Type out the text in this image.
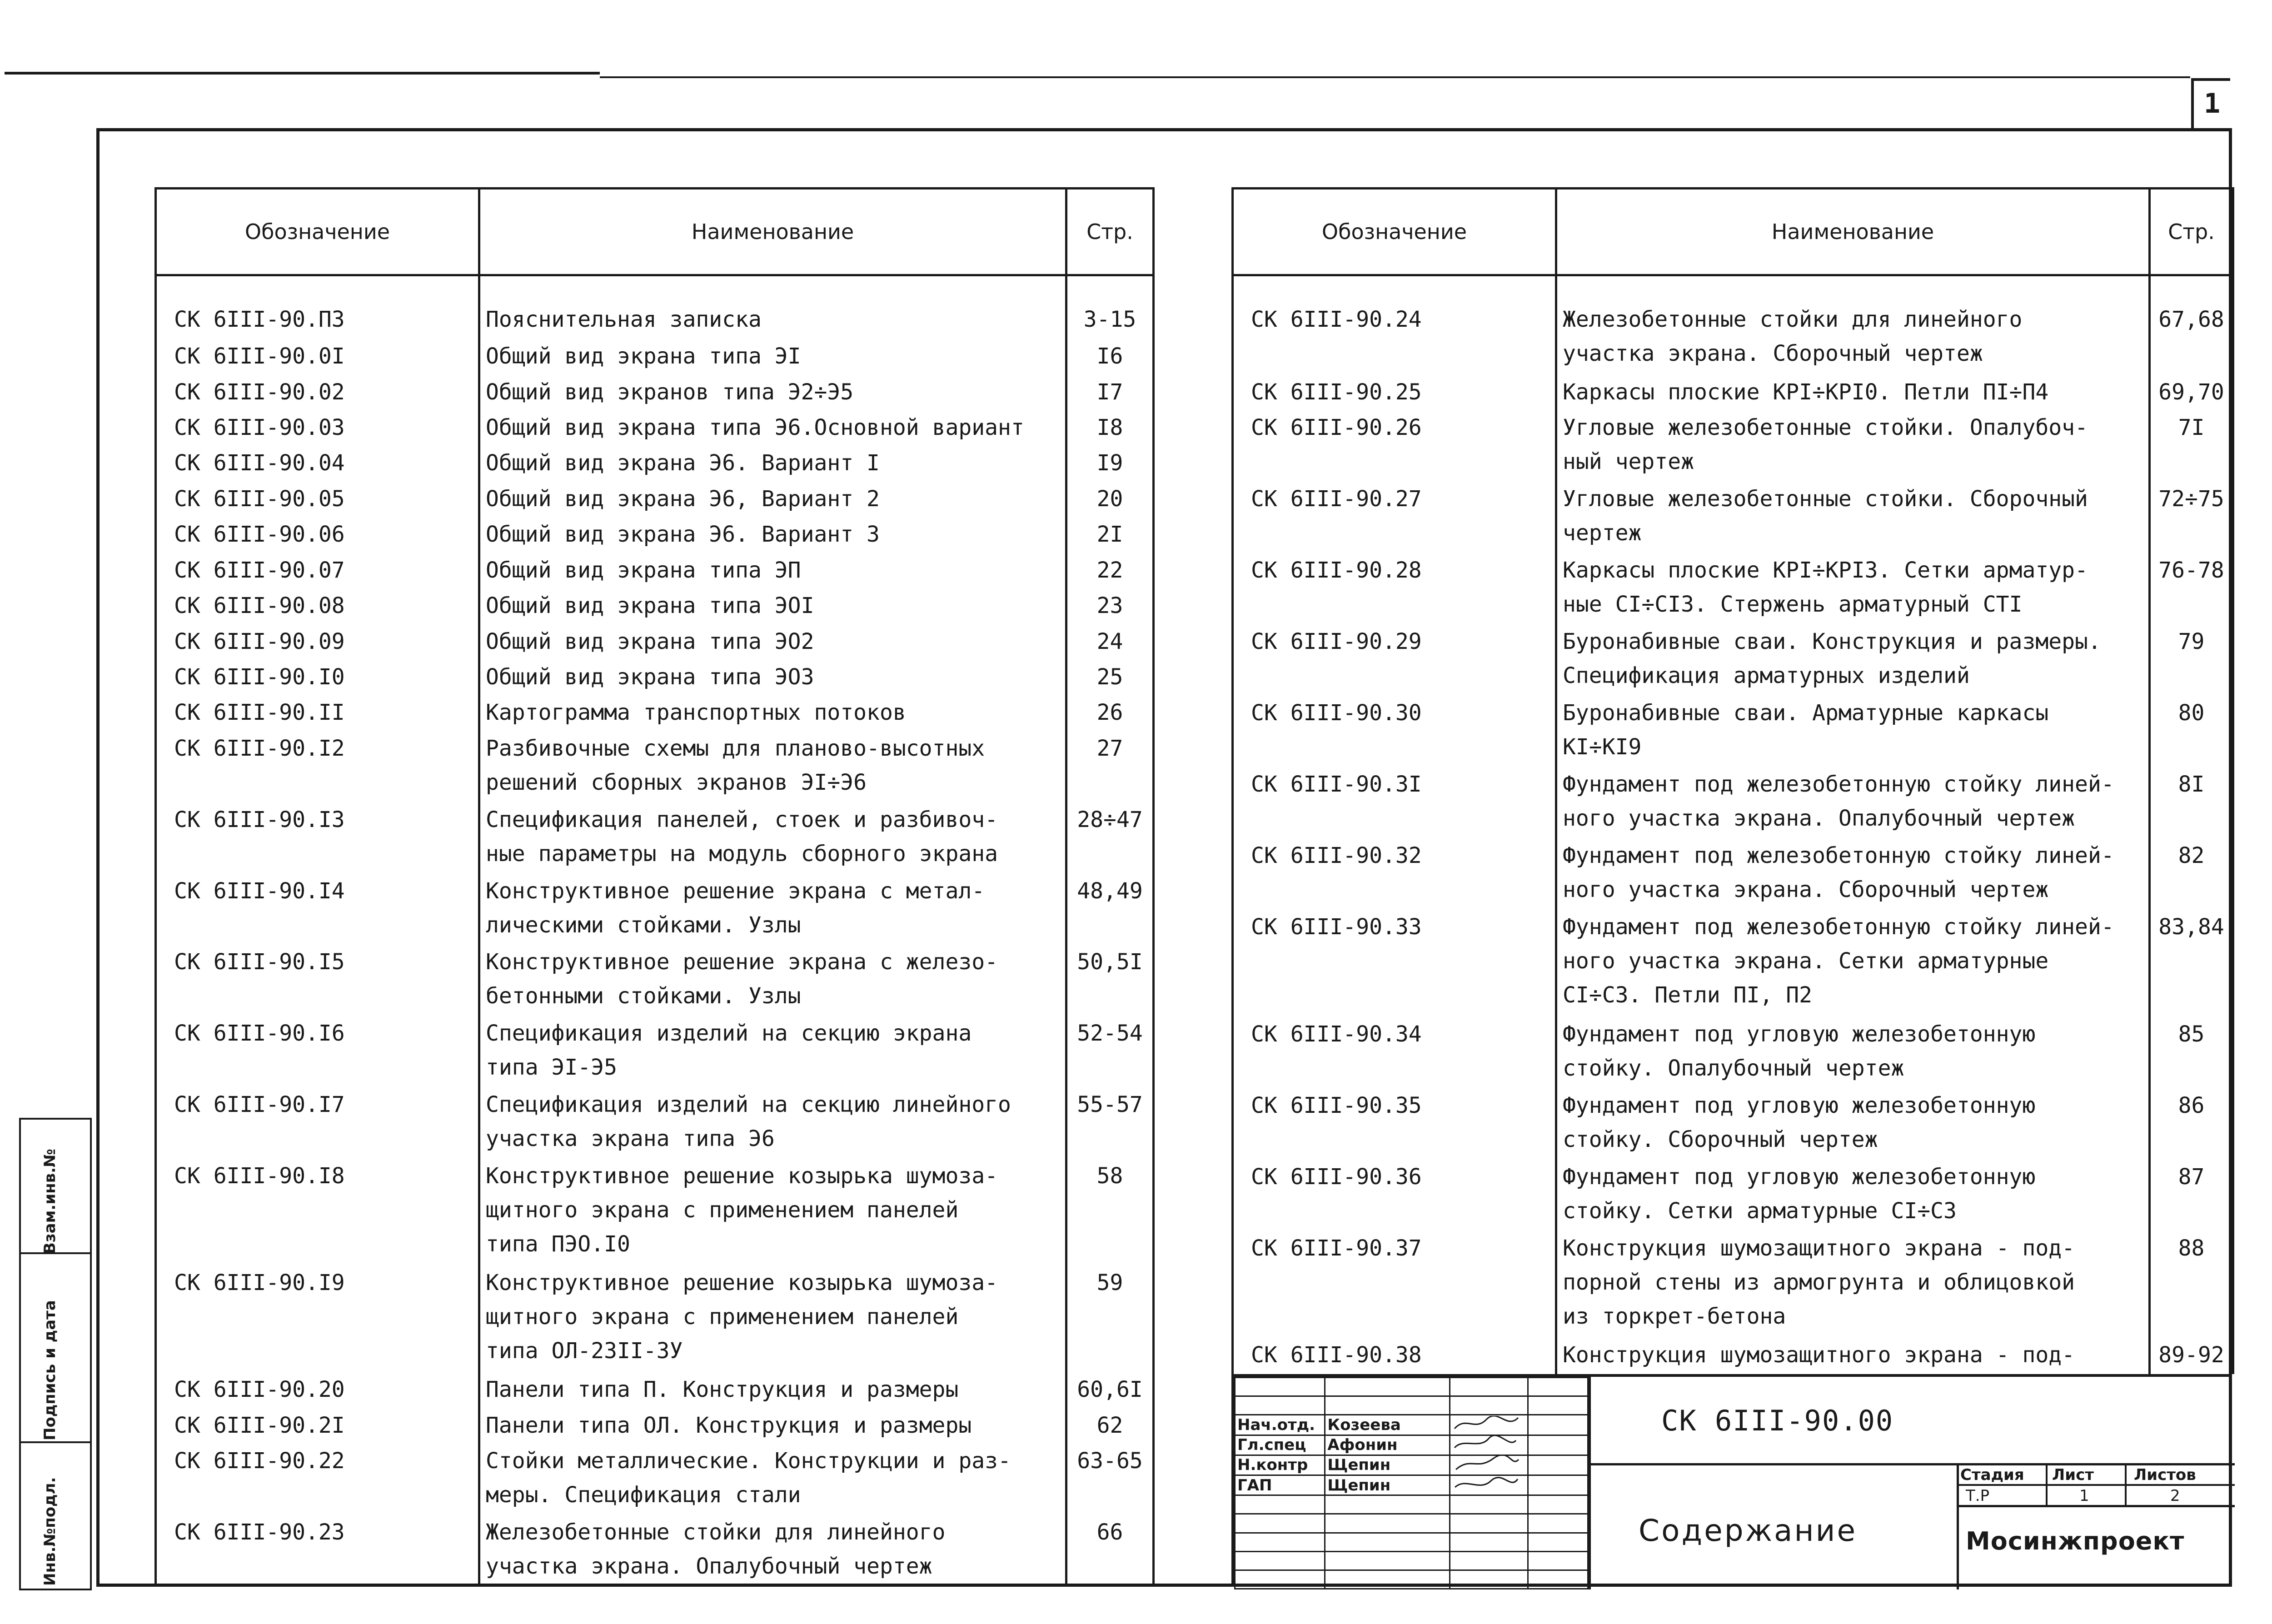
1
Взам.инв.№
Подпись и дата
Инв.№подл.
Обозначение	Наименование	Стр.
СК 6III-90.ПЗ	Пояснительная записка	3-15
СК 6III-90.0I	Общий вид экрана типа ЭI	I6
СК 6III-90.02	Общий вид экранов типа Э2÷Э5	I7
СК 6III-90.03	Общий вид экрана типа Э6.Основной вариант	I8
СК 6III-90.04	Общий вид экрана Э6. Вариант I	I9
СК 6III-90.05	Общий вид экрана Э6, Вариант 2	20
СК 6III-90.06	Общий вид экрана Э6. Вариант 3	2I
СК 6III-90.07	Общий вид экрана типа ЭП	22
СК 6III-90.08	Общий вид экрана типа ЭОI	23
СК 6III-90.09	Общий вид экрана типа ЭО2	24
СК 6III-90.I0	Общий вид экрана типа ЭО3	25
СК 6III-90.II	Картограмма транспортных потоков	26
СК 6III-90.I2	Разбивочные схемы для планово-высотных
решений сборных экранов ЭI÷Э6	27
СК 6III-90.I3	Спецификация панелей, стоек и разбивоч-
ные параметры на модуль сборного экрана	28÷47
СК 6III-90.I4	Конструктивное решение экрана с метал-
лическими стойками. Узлы	48,49
СК 6III-90.I5	Конструктивное решение экрана с железо-
бетонными стойками. Узлы	50,5I
СК 6III-90.I6	Спецификация изделий на секцию экрана
типа ЭI-Э5	52-54
СК 6III-90.I7	Спецификация изделий на секцию линейного
участка экрана типа Э6	55-57
СК 6III-90.I8	Конструктивное решение козырька шумоза-
щитного экрана с применением панелей
типа ПЭО.I0	58
СК 6III-90.I9	Конструктивное решение козырька шумоза-
щитного экрана с применением панелей
типа ОЛ-23II-ЗУ	59
СК 6III-90.20	Панели типа П. Конструкция и размеры	60,6I
СК 6III-90.2I	Панели типа ОЛ. Конструкция и размеры	62
СК 6III-90.22	Стойки металлические. Конструкции и раз-
меры. Спецификация стали	63-65
СК 6III-90.23	Железобетонные стойки для линейного
участка экрана. Опалубочный чертеж	66

Обозначение	Наименование	Стр.
СК 6III-90.24	Железобетонные стойки для линейного
участка экрана. Сборочный чертеж	67,68
СК 6III-90.25	Каркасы плоские КРI÷КРI0. Петли ПI÷П4	69,70
СК 6III-90.26	Угловые железобетонные стойки. Опалубоч-
ный чертеж	7I
СК 6III-90.27	Угловые железобетонные стойки. Сборочный
чертеж	72÷75
СК 6III-90.28	Каркасы плоские КРI÷КРI3. Сетки арматур-
ные СI÷СI3. Стержень арматурный СТI	76-78
СК 6III-90.29	Буронабивные сваи. Конструкция и размеры.
Спецификация арматурных изделий	79
СК 6III-90.30	Буронабивные сваи. Арматурные каркасы
КI÷КI9	80
СК 6III-90.3I	Фундамент под железобетонную стойку линей-
ного участка экрана. Опалубочный чертеж	8I
СК 6III-90.32	Фундамент под железобетонную стойку линей-
ного участка экрана. Сборочный чертеж	82
СК 6III-90.33	Фундамент под железобетонную стойку линей-
ного участка экрана. Сетки арматурные
СI÷С3. Петли ПI, П2	83,84
СК 6III-90.34	Фундамент под угловую железобетонную
стойку. Опалубочный чертеж	85
СК 6III-90.35	Фундамент под угловую железобетонную
стойку. Сборочный чертеж	86
СК 6III-90.36	Фундамент под угловую железобетонную
стойку. Сетки арматурные СI÷С3	87
СК 6III-90.37	Конструкция шумозащитного экрана - под-
порной стены из армогрунта и облицовкой
из торкрет-бетона	88
СК 6III-90.38	Конструкция шумозащитного экрана - под-	89-92

Нач.отд.	Козеева		
Гл.спец	Афонин		
Н.контр	Щепин		
ГАП	Щепин		

СК 6III-90.00
Содержание
Стадия Лист	Листов
Т.Р	1	2
Мосинжпроект
